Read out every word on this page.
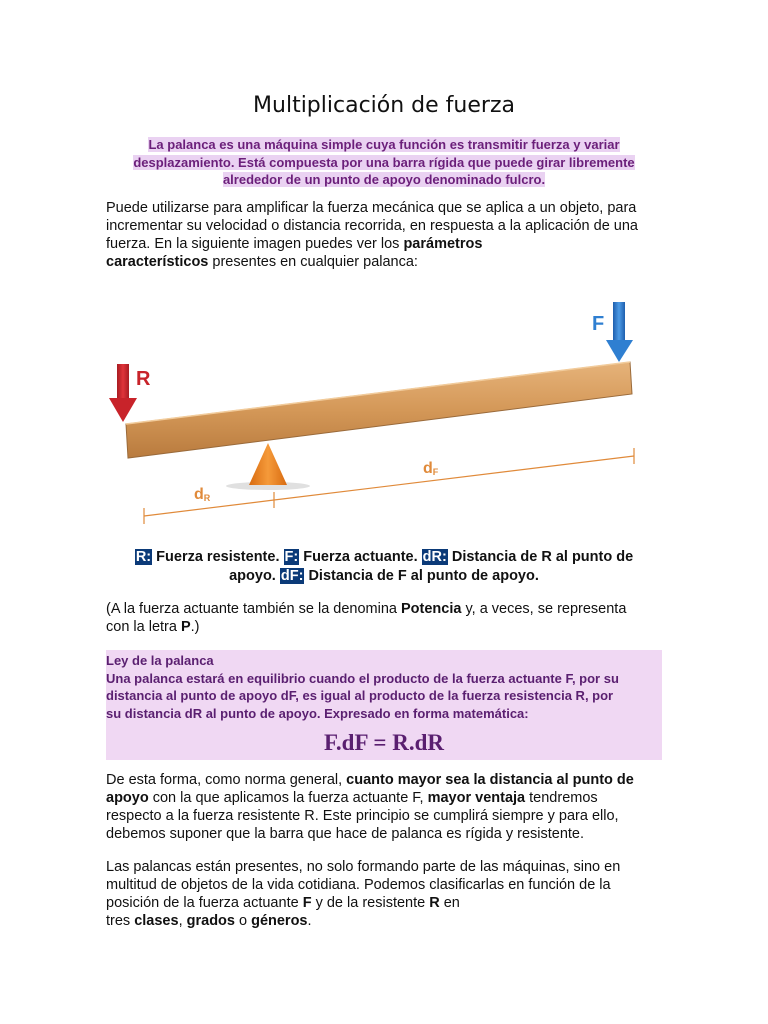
Multiplicación de fuerza
La palanca es una máquina simple cuya función es transmitir fuerza y variar
desplazamiento. Está compuesta por una barra rígida que puede girar libremente
alrededor de un punto de apoyo denominado fulcro.
Puede utilizarse para amplificar la fuerza mecánica que se aplica a un objeto, para
incrementar su velocidad o distancia recorrida, en respuesta a la aplicación de una
fuerza. En la siguiente imagen puedes ver los parámetros
característicos presentes en cualquier palanca:
R
F
dR
dF
R: Fuerza resistente. F: Fuerza actuante. dR: Distancia de R al punto de
apoyo. dF: Distancia de F al punto de apoyo.
(A la fuerza actuante también se la denomina Potencia y, a veces, se representa
con la letra P.)
Ley de la palanca
Una palanca estará en equilibrio cuando el producto de la fuerza actuante F, por su
distancia al punto de apoyo dF, es igual al producto de la fuerza resistencia R, por
su distancia dR al punto de apoyo. Expresado en forma matemática:
F.dF = R.dR
De esta forma, como norma general, cuanto mayor sea la distancia al punto de
apoyo con la que aplicamos la fuerza actuante F, mayor ventaja tendremos
respecto a la fuerza resistente R. Este principio se cumplirá siempre y para ello,
debemos suponer que la barra que hace de palanca es rígida y resistente.
Las palancas están presentes, no solo formando parte de las máquinas, sino en
multitud de objetos de la vida cotidiana. Podemos clasificarlas en función de la
posición de la fuerza actuante F y de la resistente R en
tres clases, grados o géneros.
